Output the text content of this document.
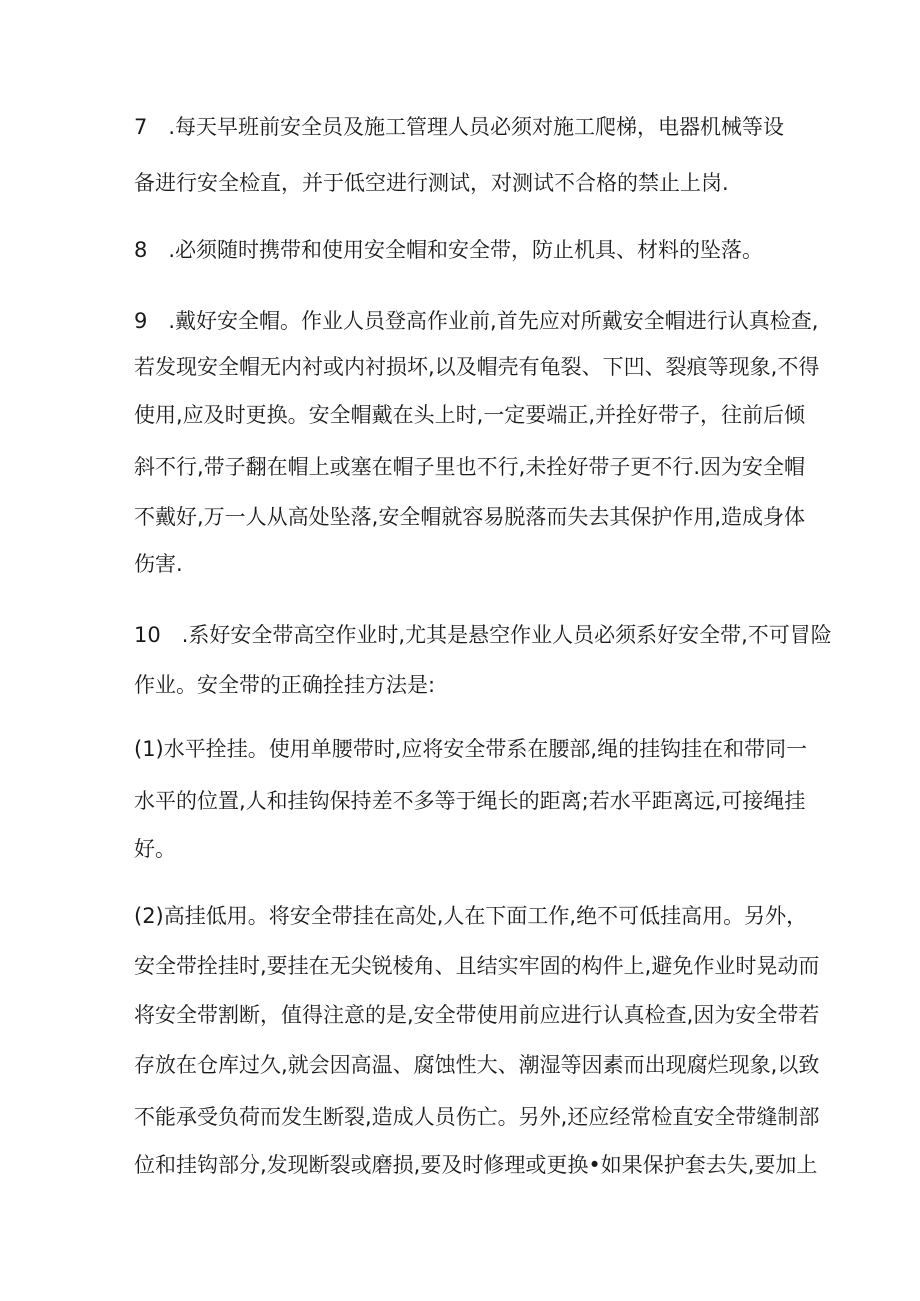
7　.每天早班前安全员及施工管理人员必须对施工爬梯，电器机械等设
备进行安全检直，并于低空进行测试，对测试不合格的禁止上岗.
8　.必须随时携带和使用安全帽和安全带，防止机具、材料的坠落。
9　.戴好安全帽。作业人员登高作业前,首先应对所戴安全帽进行认真检查,
若发现安全帽无内衬或内衬损坏,以及帽壳有龟裂、下凹、裂痕等现象,不得
使用,应及时更换。安全帽戴在头上时,一定要端正,并拴好带子，往前后倾
斜不行,带子翻在帽上或塞在帽子里也不行,未拴好带子更不行.因为安全帽
不戴好,万一人从高处坠落,安全帽就容易脱落而失去其保护作用,造成身体
伤害.
10　.系好安全带高空作业时,尤其是悬空作业人员必须系好安全带,不可冒险
作业。安全带的正确拴挂方法是:
(1)水平拴挂。使用单腰带时,应将安全带系在腰部,绳的挂钩挂在和带同一
水平的位置,人和挂钩保持差不多等于绳长的距离;若水平距离远,可接绳挂
好。
(2)高挂低用。将安全带挂在高处,人在下面工作,绝不可低挂高用。另外，
安全带拴挂时,要挂在无尖锐棱角、且结实牢固的构件上,避免作业时晃动而
将安全带割断，值得注意的是,安全带使用前应进行认真检查,因为安全带若
存放在仓库过久,就会因高温、腐蚀性大、潮湿等因素而出现腐烂现象,以致
不能承受负荷而发生断裂,造成人员伤亡。另外,还应经常检直安全带缝制部
位和挂钩部分,发现断裂或磨损,要及时修理或更换•如果保护套去失,要加上
